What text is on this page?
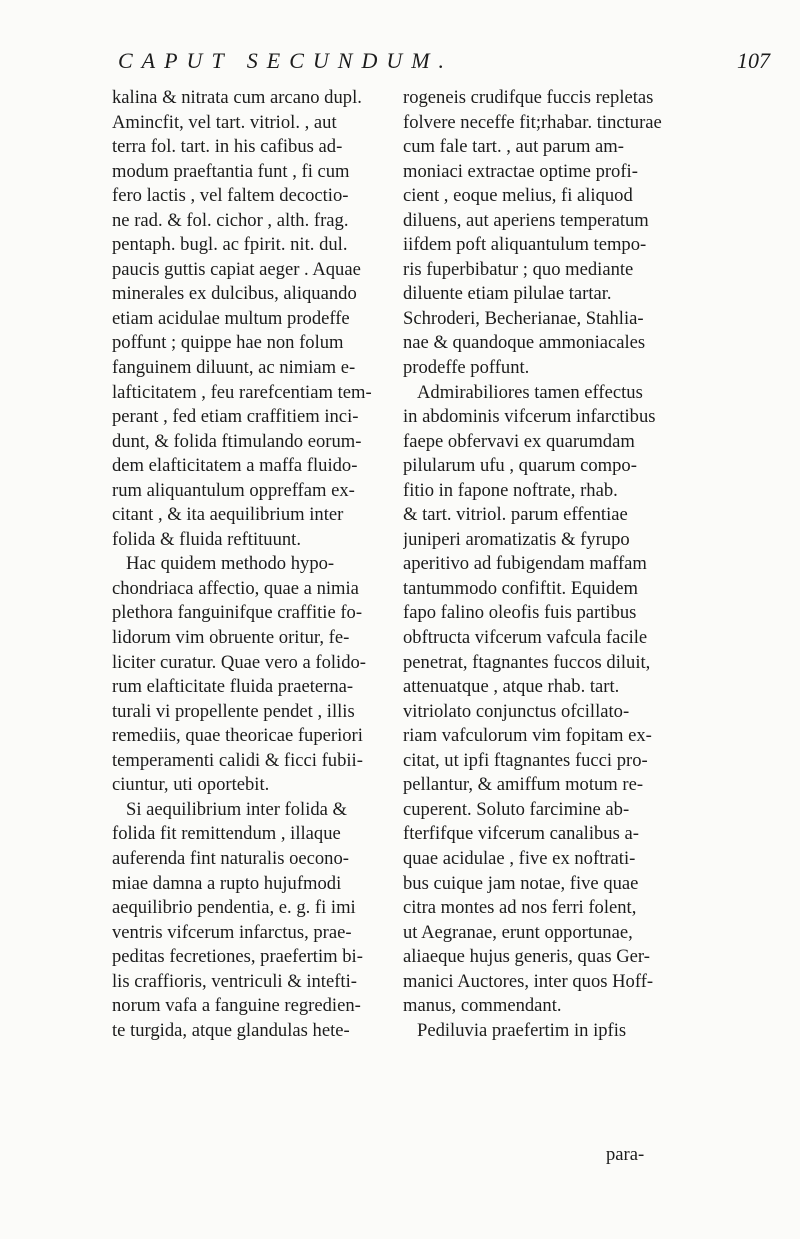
CAPUT SECUNDUM.	107
kalina & nitrata cum arcano dupl.
Amincfit, vel tart. vitriol. , aut
terra fol. tart. in his cafibus ad-
modum praeftantia funt , fi cum
fero lactis , vel faltem decoctio-
ne rad. & fol. cichor , alth. frag.
pentaph. bugl. ac fpirit. nit. dul.
paucis guttis capiat aeger . Aquae
minerales ex dulcibus, aliquando
etiam acidulae multum prodeffe
poffunt ; quippe hae non folum
fanguinem diluunt, ac nimiam e-
lafticitatem , feu rarefcentiam tem-
perant , fed etiam craffitiem inci-
dunt, & folida ftimulando eorum-
dem elafticitatem a maffa fluido-
rum aliquantulum oppreffam ex-
citant , & ita aequilibrium inter
folida & fluida reftituunt.
Hac quidem methodo hypo-
chondriaca affectio, quae a nimia
plethora fanguinifque craffitie fo-
lidorum vim obruente oritur, fe-
liciter curatur. Quae vero a folido-
rum elafticitate fluida praeterna-
turali vi propellente pendet , illis
remediis, quae theoricae fuperiori
temperamenti calidi & ficci fubii-
ciuntur, uti oportebit.
Si aequilibrium inter folida &
folida fit remittendum , illaque
auferenda fint naturalis oecono-
miae damna a rupto hujufmodi
aequilibrio pendentia, e. g. fi imi
ventris vifcerum infarctus, prae-
peditas fecretiones, praefertim bi-
lis craffioris, ventriculi & intefti-
norum vafa a fanguine regredien-
te turgida, atque glandulas hete-
rogeneis crudifque fuccis repletas
folvere neceffe fit;rhabar. tincturae
cum fale tart. , aut parum am-
moniaci extractae optime profi-
cient , eoque melius, fi aliquod
diluens, aut aperiens temperatum
iifdem poft aliquantulum tempo-
ris fuperbibatur ; quo mediante
diluente etiam pilulae tartar.
Schroderi, Becherianae, Stahlia-
nae & quandoque ammoniacales
prodeffe poffunt.
Admirabiliores tamen effectus
in abdominis vifcerum infarctibus
faepe obfervavi ex quarumdam
pilularum ufu , quarum compo-
fitio in fapone noftrate, rhab.
& tart. vitriol. parum effentiae
juniperi aromatizatis & fyrupo
aperitivo ad fubigendam maffam
tantummodo confiftit. Equidem
fapo falino oleofis fuis partibus
obftructa vifcerum vafcula facile
penetrat, ftagnantes fuccos diluit,
attenuatque , atque rhab. tart.
vitriolato conjunctus ofcillato-
riam vafculorum vim fopitam ex-
citat, ut ipfi ftagnantes fucci pro-
pellantur, & amiffum motum re-
cuperent. Soluto farcimine ab-
fterfifque vifcerum canalibus a-
quae acidulae , five ex noftrati-
bus cuique jam notae, five quae
citra montes ad nos ferri folent,
ut Aegranae, erunt opportunae,
aliaeque hujus generis, quas Ger-
manici Auctores, inter quos Hoff-
manus, commendant.
Pediluvia praefertim in ipfis
para-
